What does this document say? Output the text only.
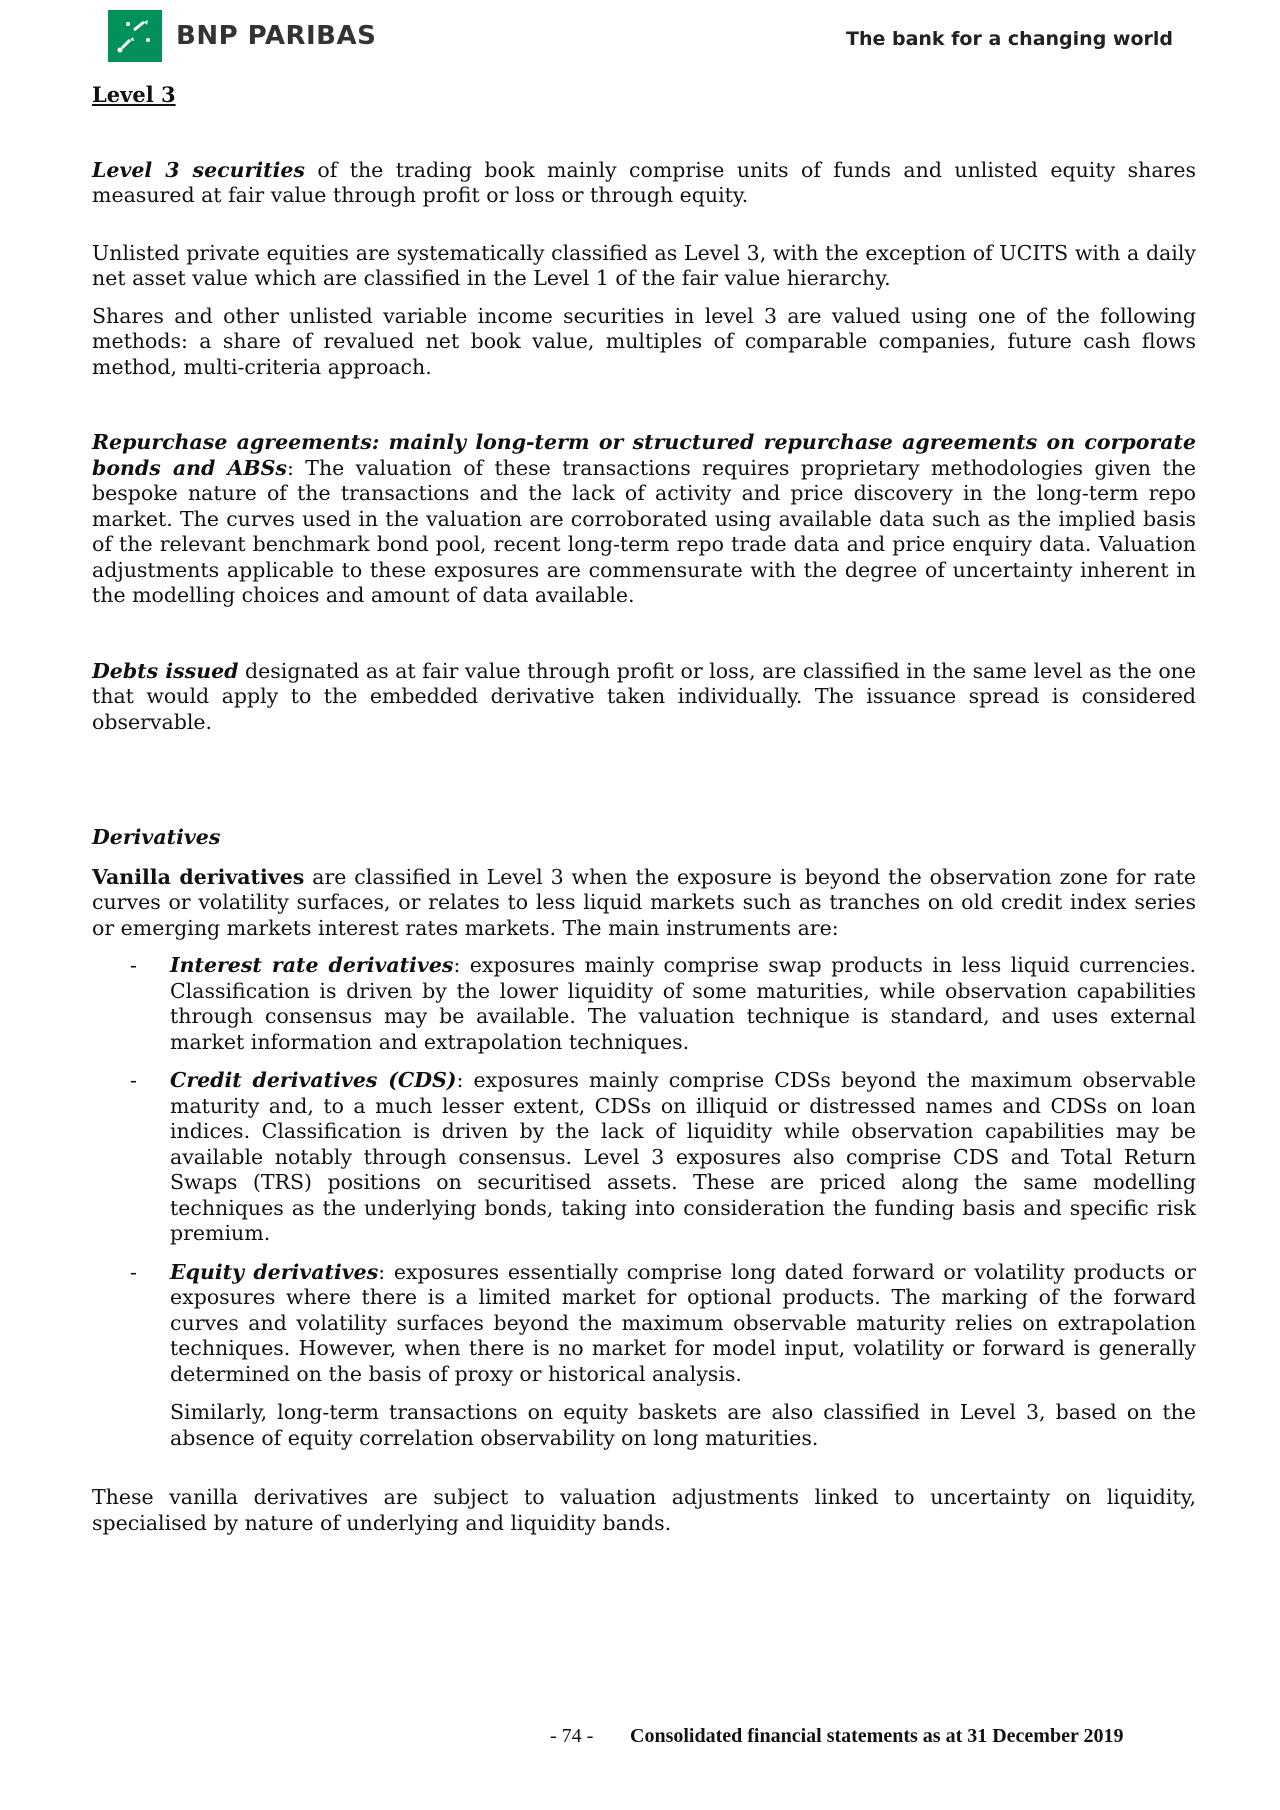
BNP PARIBAS	The bank for a changing world

Level 3

Level 3 securities of the trading book mainly comprise units of funds and unlisted equity shares measured at fair value through profit or loss or through equity.

Unlisted private equities are systematically classified as Level 3, with the exception of UCITS with a daily net asset value which are classified in the Level 1 of the fair value hierarchy.

Shares and other unlisted variable income securities in level 3 are valued using one of the following methods: a share of revalued net book value, multiples of comparable companies, future cash flows method, multi-criteria approach.

Repurchase agreements: mainly long-term or structured repurchase agreements on corporate bonds and ABSs: The valuation of these transactions requires proprietary methodologies given the bespoke nature of the transactions and the lack of activity and price discovery in the long-term repo market. The curves used in the valuation are corroborated using available data such as the implied basis of the relevant benchmark bond pool, recent long-term repo trade data and price enquiry data. Valuation adjustments applicable to these exposures are commensurate with the degree of uncertainty inherent in the modelling choices and amount of data available.

Debts issued designated as at fair value through profit or loss, are classified in the same level as the one that would apply to the embedded derivative taken individually. The issuance spread is considered observable.

Derivatives

Vanilla derivatives are classified in Level 3 when the exposure is beyond the observation zone for rate curves or volatility surfaces, or relates to less liquid markets such as tranches on old credit index series or emerging markets interest rates markets. The main instruments are:

- Interest rate derivatives: exposures mainly comprise swap products in less liquid currencies. Classification is driven by the lower liquidity of some maturities, while observation capabilities through consensus may be available. The valuation technique is standard, and uses external market information and extrapolation techniques.
- Credit derivatives (CDS): exposures mainly comprise CDSs beyond the maximum observable maturity and, to a much lesser extent, CDSs on illiquid or distressed names and CDSs on loan indices. Classification is driven by the lack of liquidity while observation capabilities may be available notably through consensus. Level 3 exposures also comprise CDS and Total Return Swaps (TRS) positions on securitised assets. These are priced along the same modelling techniques as the underlying bonds, taking into consideration the funding basis and specific risk premium.
- Equity derivatives: exposures essentially comprise long dated forward or volatility products or exposures where there is a limited market for optional products. The marking of the forward curves and volatility surfaces beyond the maximum observable maturity relies on extrapolation techniques. However, when there is no market for model input, volatility or forward is generally determined on the basis of proxy or historical analysis.

Similarly, long-term transactions on equity baskets are also classified in Level 3, based on the absence of equity correlation observability on long maturities.

These vanilla derivatives are subject to valuation adjustments linked to uncertainty on liquidity, specialised by nature of underlying and liquidity bands.

- 74 - Consolidated financial statements as at 31 December 2019
